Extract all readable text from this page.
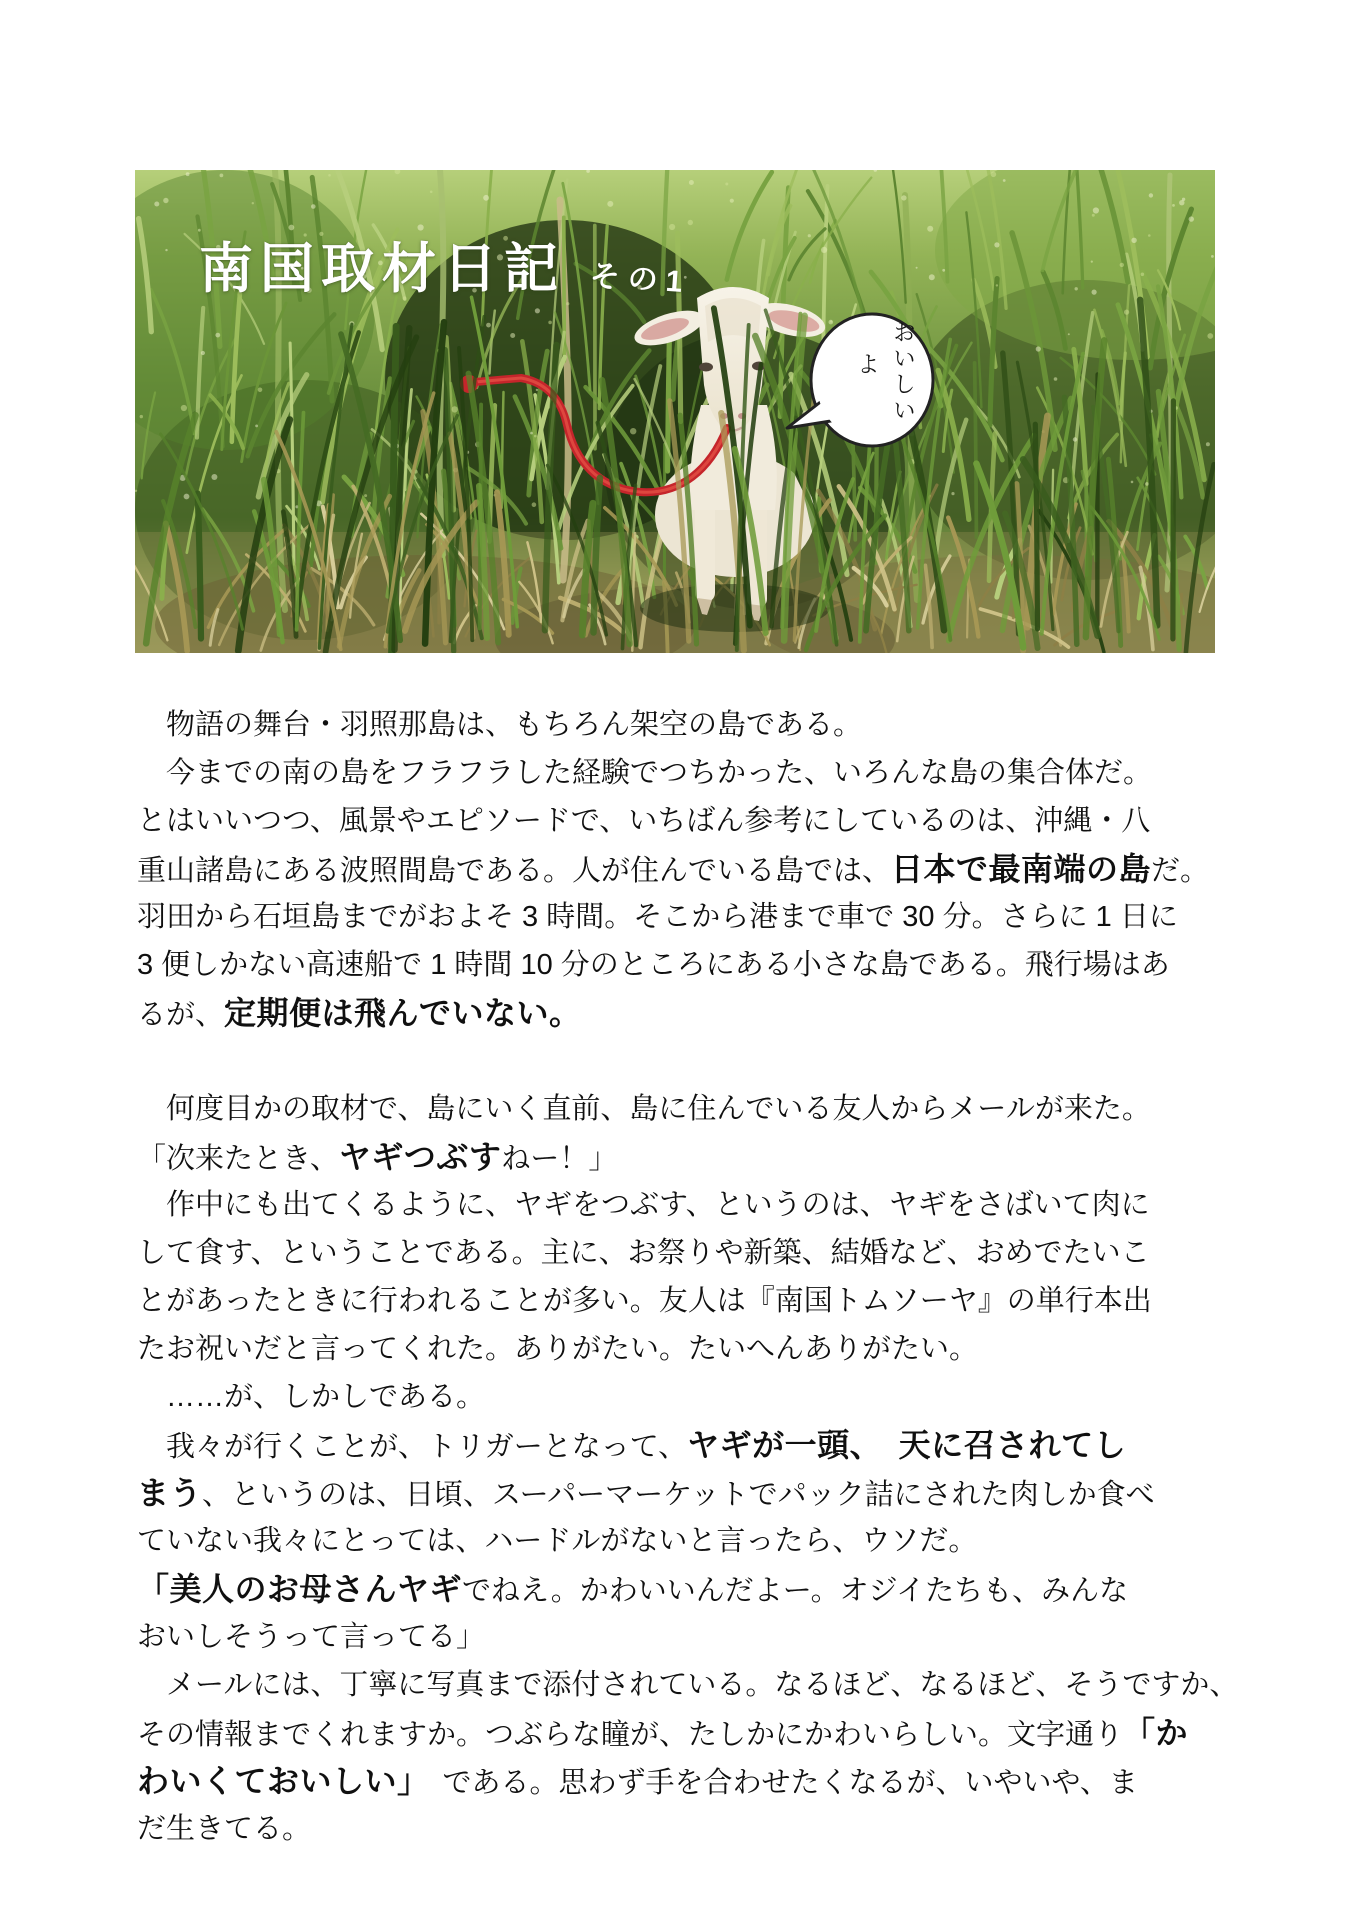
南国取材日記 その1
おいしい
よ
　物語の舞台・羽照那島は、もちろん架空の島である。
　今までの南の島をフラフラした経験でつちかった、いろんな島の集合体だ。
とはいいつつ、風景やエピソードで、いちばん参考にしているのは、沖縄・八
重山諸島にある波照間島である。人が住んでいる島では、日本で最南端の島だ。
羽田から石垣島までがおよそ 3 時間。そこから港まで車で 30 分。さらに 1 日に
3 便しかない高速船で 1 時間 10 分のところにある小さな島である。飛行場はあ
るが、定期便は飛んでいない。
　何度目かの取材で、島にいく直前、島に住んでいる友人からメールが来た。
「次来たとき、ヤギつぶすねー！」
　作中にも出てくるように、ヤギをつぶす、というのは、ヤギをさばいて肉に
して食す、ということである。主に、お祭りや新築、結婚など、おめでたいこ
とがあったときに行われることが多い。友人は『南国トムソーヤ』の単行本出
たお祝いだと言ってくれた。ありがたい。たいへんありがたい。
　……が、しかしである。
　我々が行くことが、トリガーとなって、ヤギが一頭、　天に召されてし
まう、というのは、日頃、スーパーマーケットでパック詰にされた肉しか食べ
ていない我々にとっては、ハードルがないと言ったら、ウソだ。
「美人のお母さんヤギでねえ。かわいいんだよー。オジイたちも、みんな
おいしそうって言ってる」
　メールには、丁寧に写真まで添付されている。なるほど、なるほど、そうですか、
その情報までくれますか。つぶらな瞳が、たしかにかわいらしい。文字通り「か
わいくておいしい」　である。思わず手を合わせたくなるが、いやいや、ま
だ生きてる。
